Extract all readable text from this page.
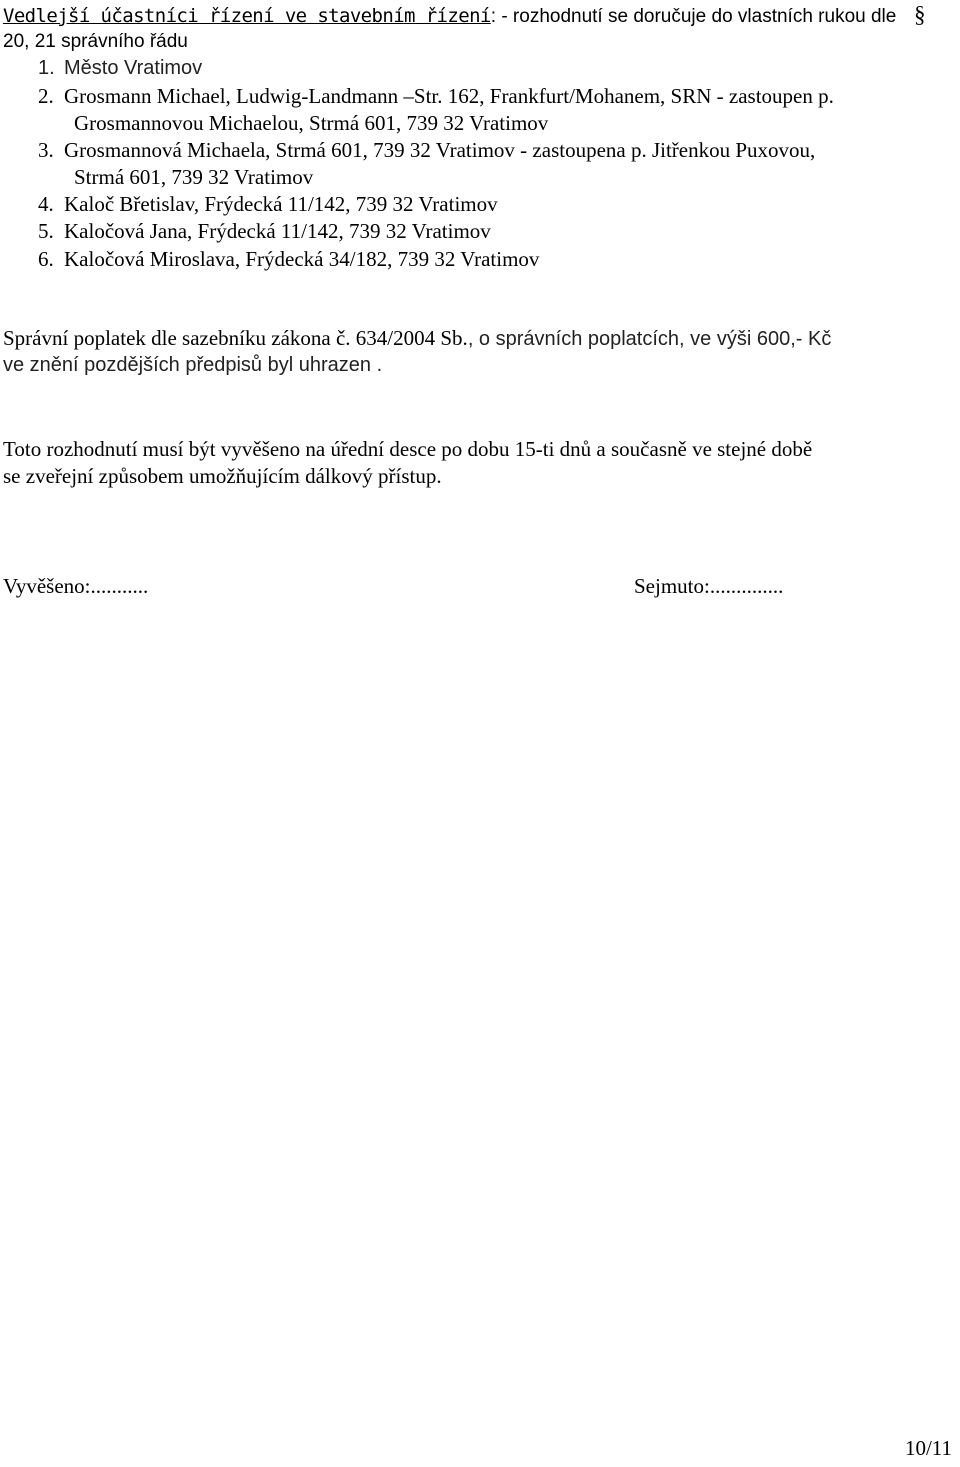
Vedlejší účastníci řízení ve stavebním řízení: - rozhodnutí se doručuje do vlastních rukou dle §
20, 21 správního řádu
1. Město Vratimov
2. Grosmann Michael, Ludwig-Landmann –Str. 162, Frankfurt/Mohanem, SRN - zastoupen p.
Grosmannovou Michaelou, Strmá 601, 739 32 Vratimov
3. Grosmannová Michaela, Strmá 601, 739 32 Vratimov - zastoupena p. Jitřenkou Puxovou,
Strmá 601, 739 32 Vratimov
4. Kaloč Břetislav, Frýdecká 11/142, 739 32 Vratimov
5. Kaločová Jana, Frýdecká 11/142, 739 32 Vratimov
6. Kaločová Miroslava, Frýdecká 34/182, 739 32 Vratimov
Správní poplatek dle sazebníku zákona č. 634/2004 Sb., o správních poplatcích, ve výši 600,- Kč
ve znění pozdějších předpisů byl uhrazen .
Toto rozhodnutí musí být vyvěšeno na úřední desce po dobu 15-ti dnů a současně ve stejné době
se zveřejní způsobem umožňujícím dálkový přístup.
Vyvěšeno:...........	Sejmuto:..............
10/11
